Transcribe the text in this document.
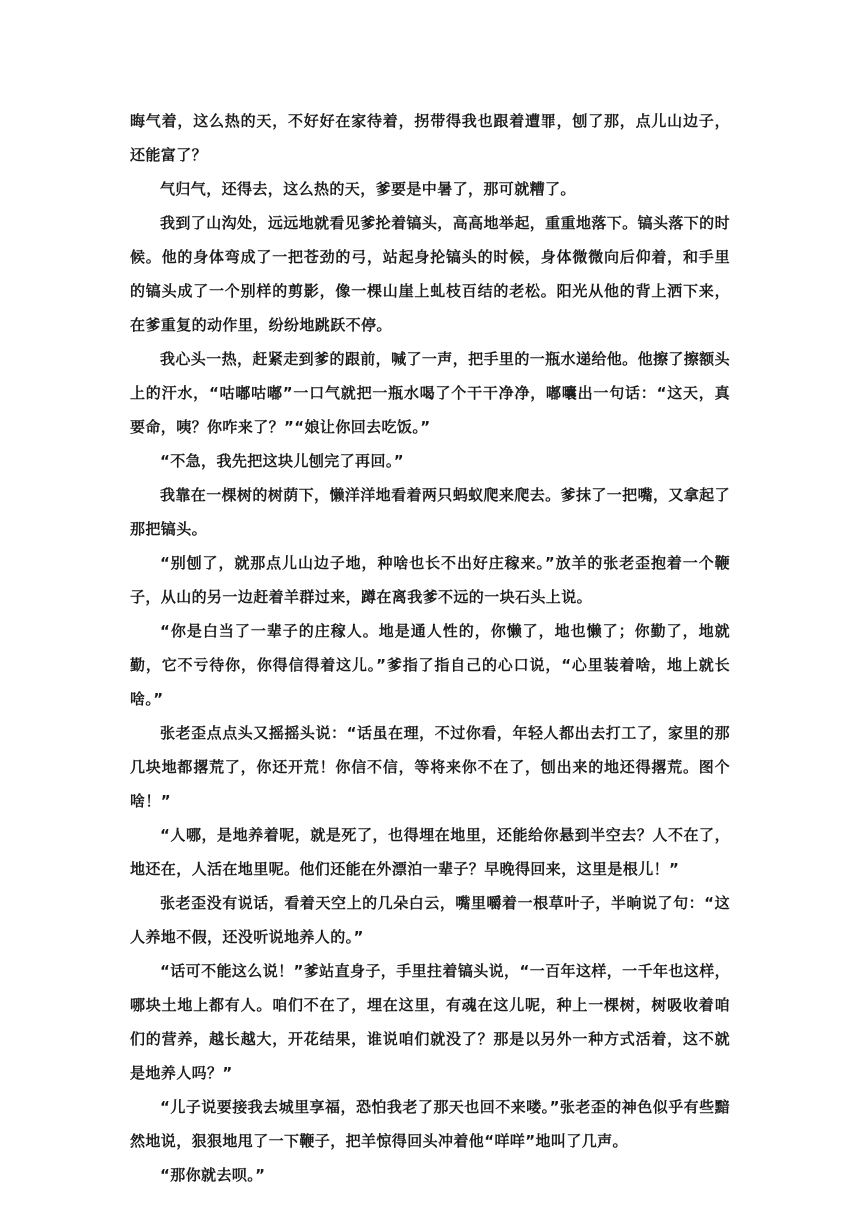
晦气着，这么热的天，不好好在家待着，拐带得我也跟着遭罪，刨了那，点儿山边子，还能富了？

气归气，还得去，这么热的天，爹要是中暑了，那可就糟了。

我到了山沟处，远远地就看见爹抡着镐头，高高地举起，重重地落下。镐头落下的时候。他的身体弯成了一把苍劲的弓，站起身抡镐头的时候，身体微微向后仰着，和手里的镐头成了一个别样的剪影，像一棵山崖上虬枝百结的老松。阳光从他的背上洒下来，在爹重复的动作里，纷纷地跳跃不停。

我心头一热，赶紧走到爹的跟前，喊了一声，把手里的一瓶水递给他。他擦了擦额头上的汗水，“咕嘟咕嘟”一口气就把一瓶水喝了个干干净净，嘟囔出一句话：“这天，真要命，咦？你咋来了？”“娘让你回去吃饭。”

“不急，我先把这块儿刨完了再回。”

我靠在一棵树的树荫下，懒洋洋地看着两只蚂蚁爬来爬去。爹抹了一把嘴，又拿起了那把镐头。

“别刨了，就那点儿山边子地，种啥也长不出好庄稼来。”放羊的张老歪抱着一个鞭子，从山的另一边赶着羊群过来，蹲在离我爹不远的一块石头上说。

“你是白当了一辈子的庄稼人。地是通人性的，你懒了，地也懒了；你勤了，地就勤，它不亏待你，你得信得着这儿。”爹指了指自己的心口说，“心里装着啥，地上就长啥。”

张老歪点点头又摇摇头说：“话虽在理，不过你看，年轻人都出去打工了，家里的那几块地都撂荒了，你还开荒！你信不信，等将来你不在了，刨出来的地还得撂荒。图个啥！”

“人哪，是地养着呢，就是死了，也得埋在地里，还能给你悬到半空去？人不在了，地还在，人活在地里呢。他们还能在外漂泊一辈子？早晚得回来，这里是根儿！”

张老歪没有说话，看着天空上的几朵白云，嘴里嚼着一根草叶子，半晌说了句：“这人养地不假，还没听说地养人的。”

“话可不能这么说！”爹站直身子，手里拄着镐头说，“一百年这样，一千年也这样，哪块土地上都有人。咱们不在了，埋在这里，有魂在这儿呢，种上一棵树，树吸收着咱们的营养，越长越大，开花结果，谁说咱们就没了？那是以另外一种方式活着，这不就是地养人吗？”

“儿子说要接我去城里享福，恐怕我老了那天也回不来喽。”张老歪的神色似乎有些黯然地说，狠狠地甩了一下鞭子，把羊惊得回头冲着他“咩咩”地叫了几声。

“那你就去呗。”
